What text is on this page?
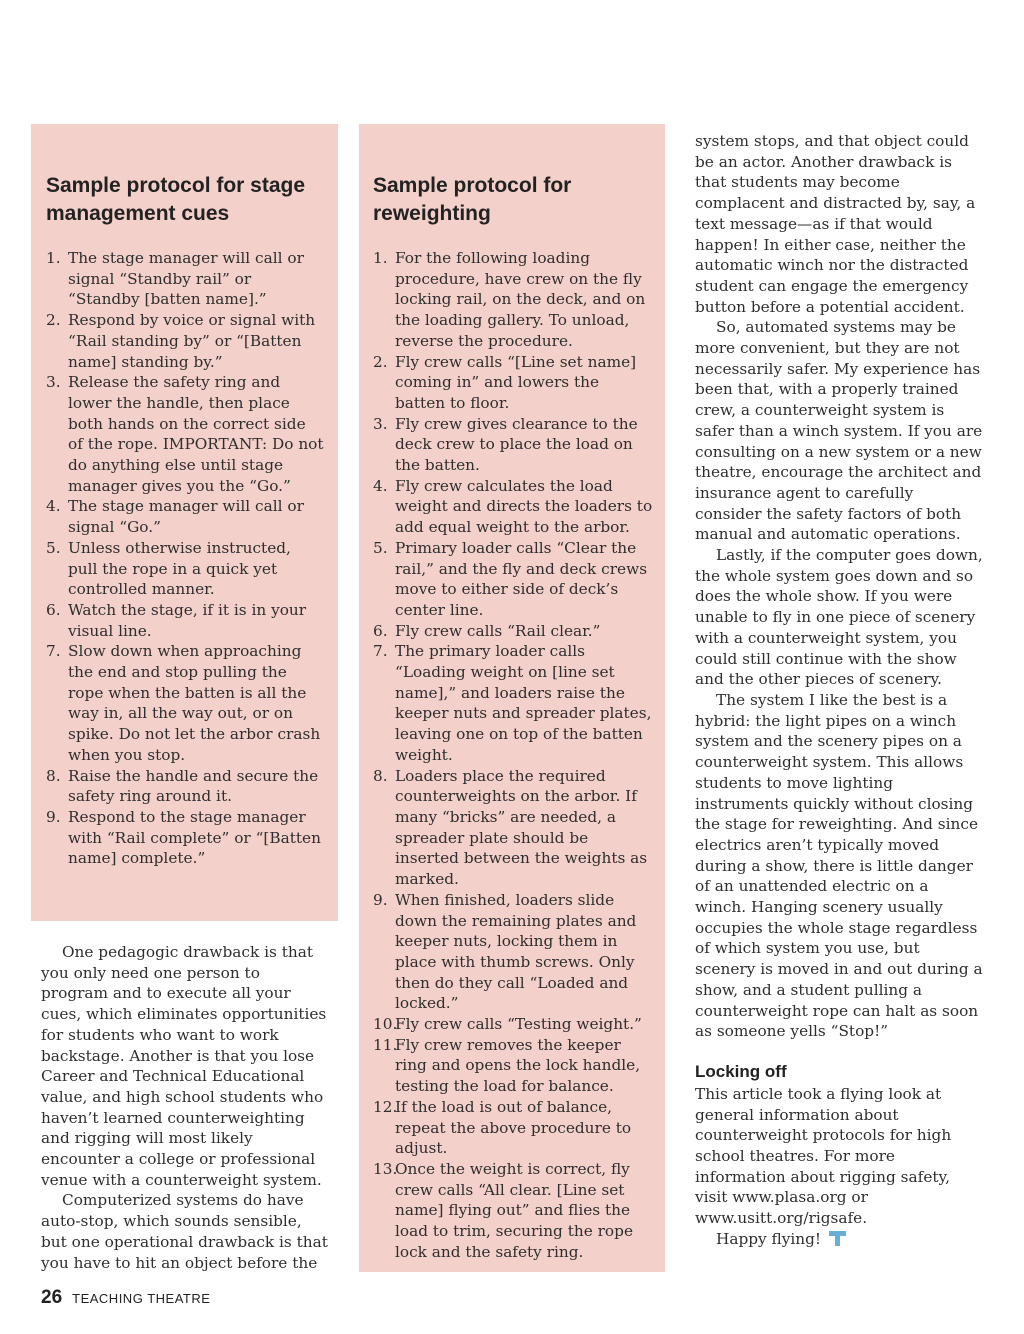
Sample protocol for stage management cues
1. The stage manager will call or signal “Standby rail” or “Standby [batten name].”
2. Respond by voice or signal with “Rail standing by” or “[Batten name] standing by.”
3. Release the safety ring and lower the handle, then place both hands on the correct side of the rope. IMPORTANT: Do not do anything else until stage manager gives you the “Go.”
4. The stage manager will call or signal “Go.”
5. Unless otherwise instructed, pull the rope in a quick yet controlled manner.
6. Watch the stage, if it is in your visual line.
7. Slow down when approaching the end and stop pulling the rope when the batten is all the way in, all the way out, or on spike. Do not let the arbor crash when you stop.
8. Raise the handle and secure the safety ring around it.
9. Respond to the stage manager with “Rail complete” or “[Batten name] complete.”
Sample protocol for reweighting
1. For the following loading procedure, have crew on the fly locking rail, on the deck, and on the loading gallery. To unload, reverse the procedure.
2. Fly crew calls “[Line set name] coming in” and lowers the batten to floor.
3. Fly crew gives clearance to the deck crew to place the load on the batten.
4. Fly crew calculates the load weight and directs the loaders to add equal weight to the arbor.
5. Primary loader calls “Clear the rail,” and the fly and deck crews move to either side of deck’s center line.
6. Fly crew calls “Rail clear.”
7. The primary loader calls “Loading weight on [line set name],” and loaders raise the keeper nuts and spreader plates, leaving one on top of the batten weight.
8. Loaders place the required counterweights on the arbor. If many “bricks” are needed, a spreader plate should be inserted between the weights as marked.
9. When finished, loaders slide down the remaining plates and keeper nuts, locking them in place with thumb screws. Only then do they call “Loaded and locked.”
10.
Fly crew calls “Testing weight.”
11.
Fly crew removes the keeper ring and opens the lock handle, testing the load for balance.
12.
If the load is out of balance, repeat the above procedure to adjust.
13.
Once the weight is correct, fly crew calls “All clear. [Line set name] flying out” and flies the load to trim, securing the rope lock and the safety ring.

One pedagogic drawback is that you only need one person to program and to execute all your cues, which eliminates opportunities for students who want to work backstage. Another is that you lose Career and Technical Educational value, and high school students who haven’t learned counterweighting and rigging will most likely encounter a college or professional venue with a counterweight system.

Computerized systems do have auto-stop, which sounds sensible, but one operational drawback is that you have to hit an object before the

system stops, and that object could be an actor. Another drawback is that students may become complacent and distracted by, say, a text message—as if that would happen! In either case, neither the automatic winch nor the distracted student can engage the emergency button before a potential accident.

So, automated systems may be more convenient, but they are not necessarily safer. My experience has been that, with a properly trained crew, a counterweight system is safer than a winch system. If you are consulting on a new system or a new theatre, encourage the architect and insurance agent to carefully consider the safety factors of both manual and automatic operations.

Lastly, if the computer goes down, the whole system goes down and so does the whole show. If you were unable to fly in one piece of scenery with a counterweight system, you could still continue with the show and the other pieces of scenery.

The system I like the best is a hybrid: the light pipes on a winch system and the scenery pipes on a counterweight system. This allows students to move lighting instruments quickly without closing the stage for reweighting. And since electrics aren’t typically moved during a show, there is little danger of an unattended electric on a winch. Hanging scenery usually occupies the whole stage regardless of which system you use, but scenery is moved in and out during a show, and a student pulling a counterweight rope can halt as soon as someone yells “Stop!”

Locking off

This article took a flying look at general information about counterweight protocols for high school theatres. For more information about rigging safety, visit www.plasa.org or www.usitt.org/rigsafe.

Happy flying!

26 TEACHING THEATRE
